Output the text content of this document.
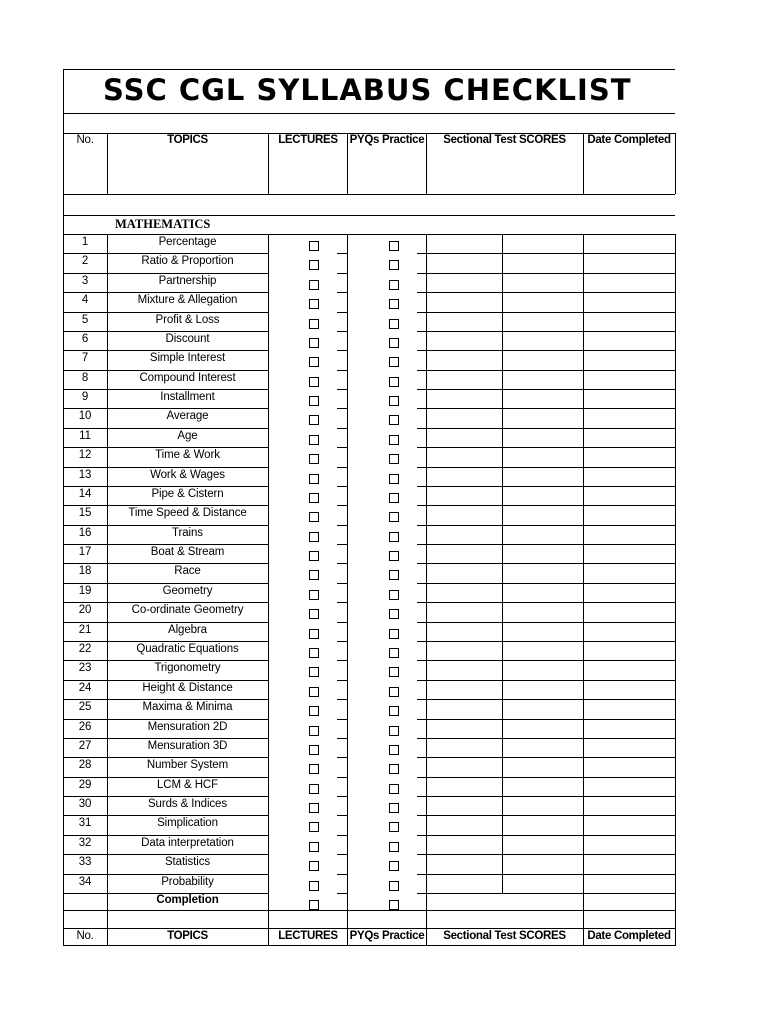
SSC CGL SYLLABUS CHECKLIST
No.	TOPICS	LECTURES	PYQs Practice	Sectional Test SCORES	Date Completed
MATHEMATICS
1	Percentage
2	Ratio & Proportion
3	Partnership
4	Mixture & Allegation
5	Profit & Loss
6	Discount
7	Simple Interest
8	Compound Interest
9	Installment
10	Average
11	Age
12	Time & Work
13	Work & Wages
14	Pipe & Cistern
15	Time Speed & Distance
16	Trains
17	Boat & Stream
18	Race
19	Geometry
20	Co-ordinate Geometry
21	Algebra
22	Quadratic Equations
23	Trigonometry
24	Height & Distance
25	Maxima & Minima
26	Mensuration 2D
27	Mensuration 3D
28	Number System
29	LCM & HCF
30	Surds & Indices
31	Simplication
32	Data interpretation
33	Statistics
34	Probability
Completion
No.	TOPICS	LECTURES	PYQs Practice	Sectional Test SCORES	Date Completed
